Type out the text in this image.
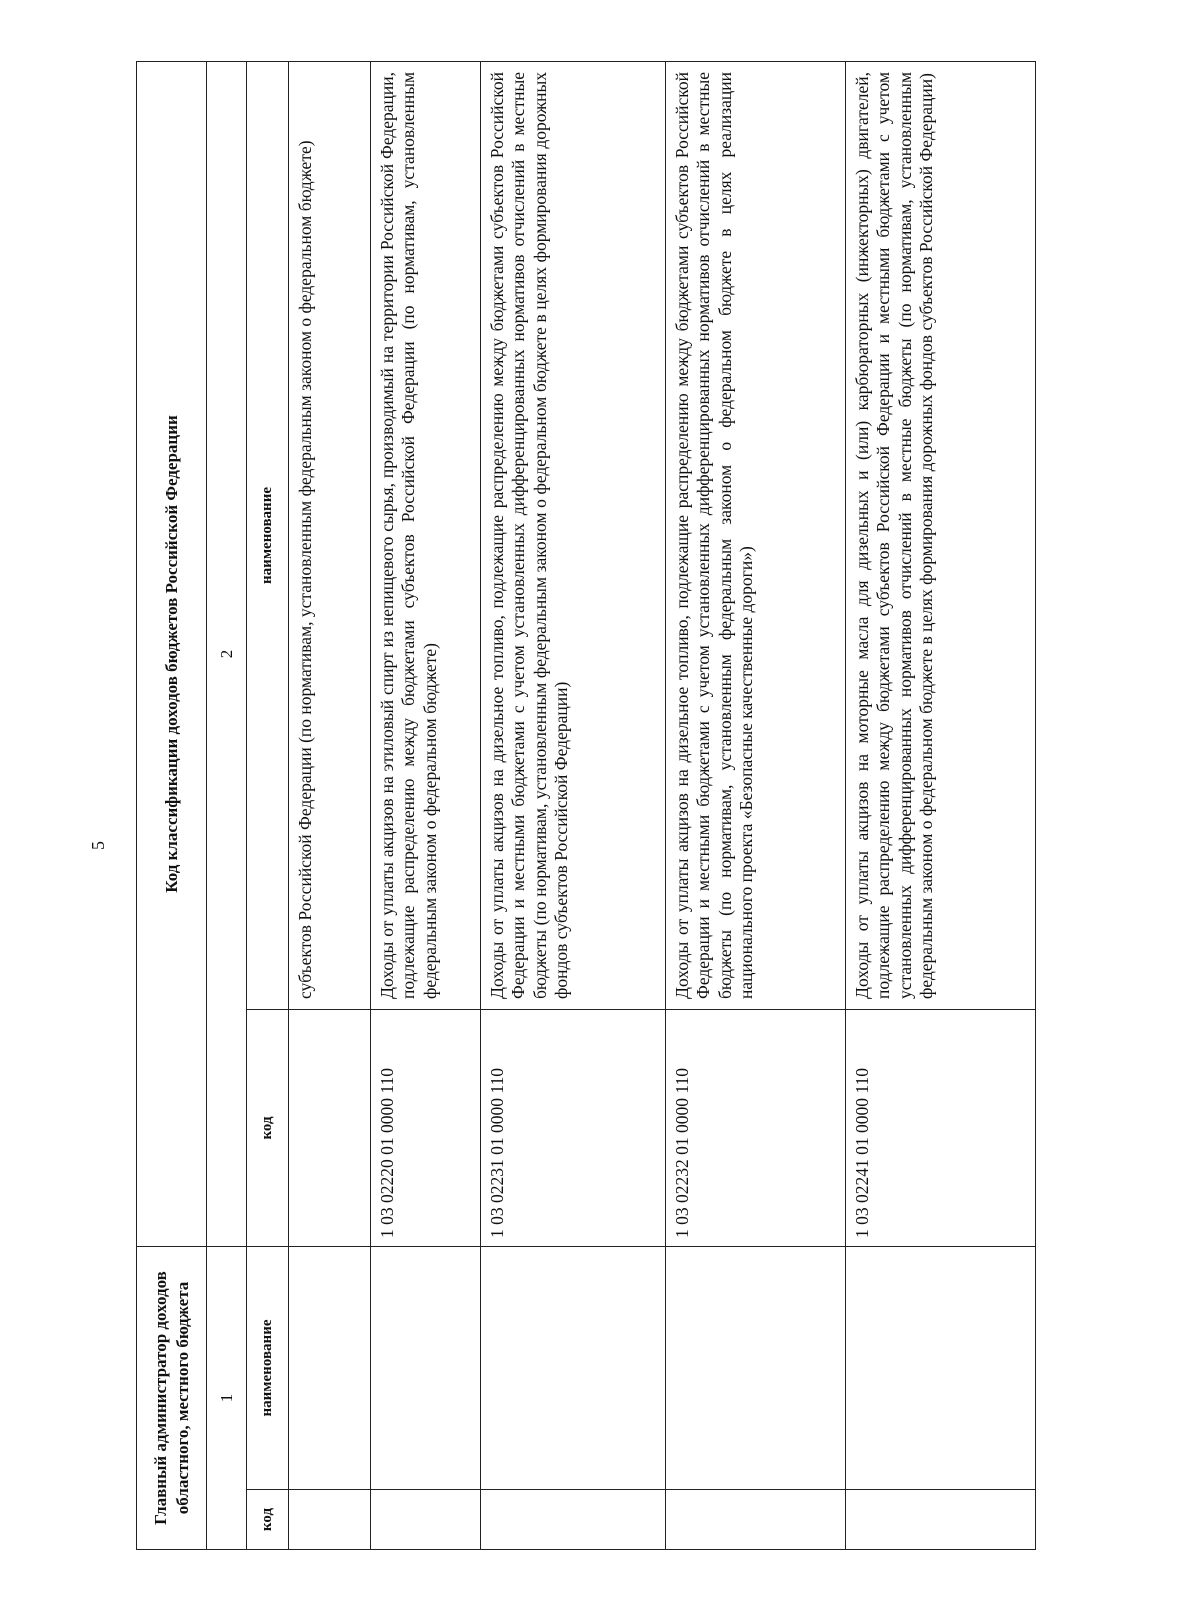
5
Главный администратор доходов областного, местного бюджета		Код классификации доходов бюджетов Российской Федерации	
1		2	
код	наименование	код	наименование
			субъектов Российской Федерации (по нормативам, установленным федеральным законом о федеральном бюджете)
		1 03 02220 01 0000 110	Доходы от уплаты акцизов на этиловый спирт из непищевого сырья, производимый на территории Российской Федерации, подлежащие распределению между бюджетами субъектов Российской Федерации (по нормативам, установленным федеральным законом о федеральном бюджете)
		1 03 02231 01 0000 110	Доходы от уплаты акцизов на дизельное топливо, подлежащие распределению между бюджетами субъектов Российской Федерации и местными бюджетами с учетом установленных дифференцированных нормативов отчислений в местные бюджеты (по нормативам, установленным федеральным законом о федеральном бюджете в целях формирования дорожных фондов субъектов Российской Федерации)
		1 03 02232 01 0000 110	Доходы от уплаты акцизов на дизельное топливо, подлежащие распределению между бюджетами субъектов Российской Федерации и местными бюджетами с учетом установленных дифференцированных нормативов отчислений в местные бюджеты (по нормативам, установленным федеральным законом о федеральном бюджете в целях реализации национального проекта «Безопасные качественные дороги»)
		1 03 02241 01 0000 110	Доходы от уплаты акцизов на моторные масла для дизельных и (или) карбюраторных (инжекторных) двигателей, подлежащие распределению между бюджетами субъектов Российской Федерации и местными бюджетами с учетом установленных дифференцированных нормативов отчислений в местные бюджеты (по нормативам, установленным федеральным законом о федеральном бюджете в целях формирования дорожных фондов субъектов Российской Федерации)
